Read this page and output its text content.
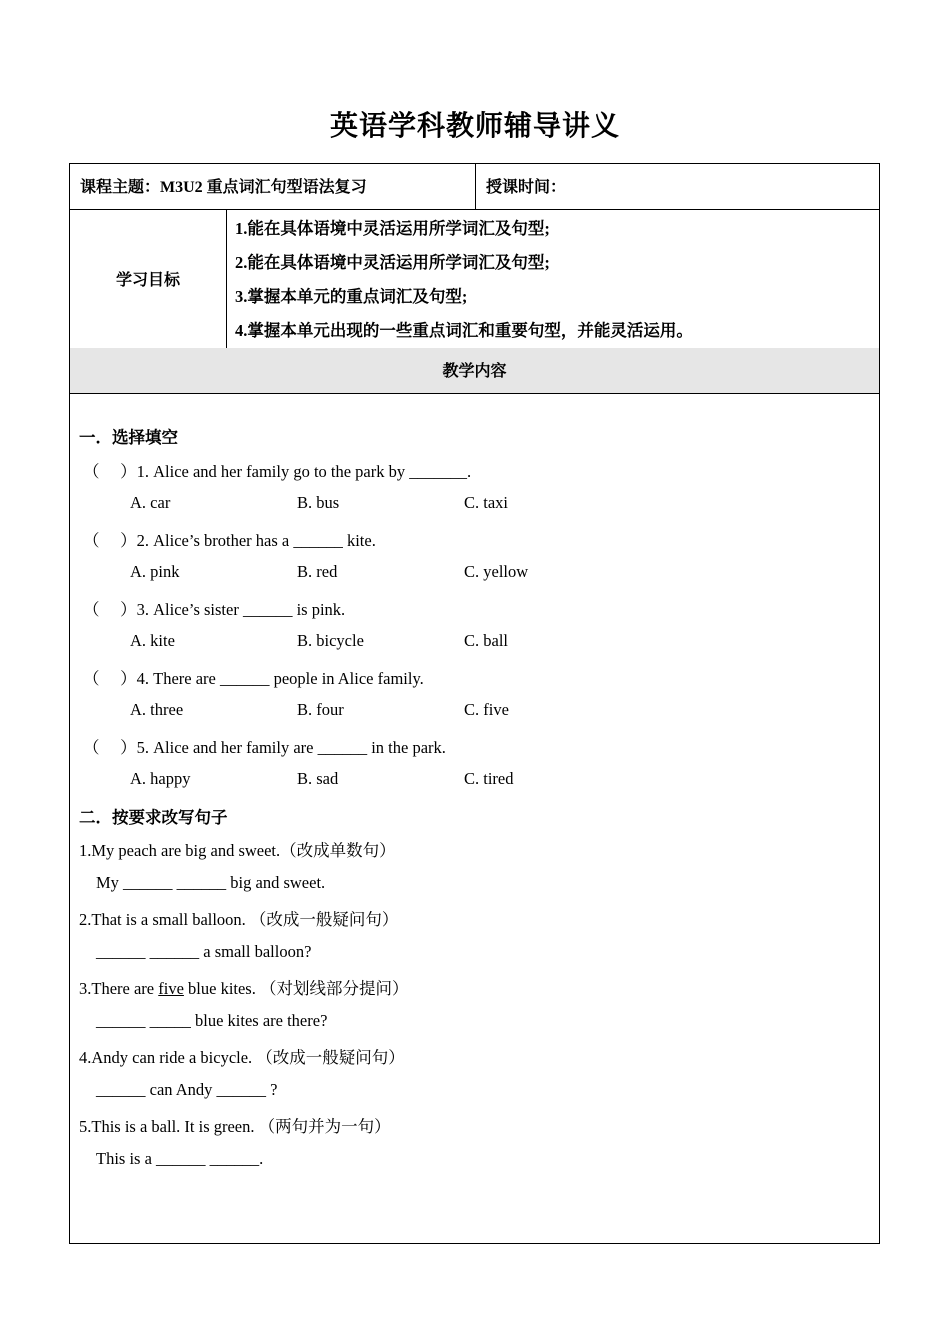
英语学科教师辅导讲义
课程主题：M3U2 重点词汇句型语法复习	授课时间：
学习目标
1.能在具体语境中灵活运用所学词汇及句型;
2.能在具体语境中灵活运用所学词汇及句型;
3.掌握本单元的重点词汇及句型;
4.掌握本单元出现的一些重点词汇和重要句型，并能灵活运用。
教学内容
一．选择填空
（　 ）1. Alice and her family go to the park by _______.
A. car	B. bus	C. taxi
（　 ）2. Alice’s brother has a ______ kite.
A. pink	B. red	C. yellow
（　 ）3. Alice’s sister ______ is pink.
A. kite	B. bicycle	C. ball
（　 ）4. There are ______ people in Alice family.
A. three	B. four	C. five
（　 ）5. Alice and her family are ______ in the park.
A. happy	B. sad	C. tired
二．按要求改写句子
1.My peach are big and sweet.（改成单数句）
My ______ ______ big and sweet.
2.That is a small balloon. （改成一般疑问句）
______ ______ a small balloon?
3.There are five blue kites. （对划线部分提问）
______ _____ blue kites are there?
4.Andy can ride a bicycle. （改成一般疑问句）
______ can Andy ______ ?
5.This is a ball. It is green. （两句并为一句）
This is a ______ ______.
